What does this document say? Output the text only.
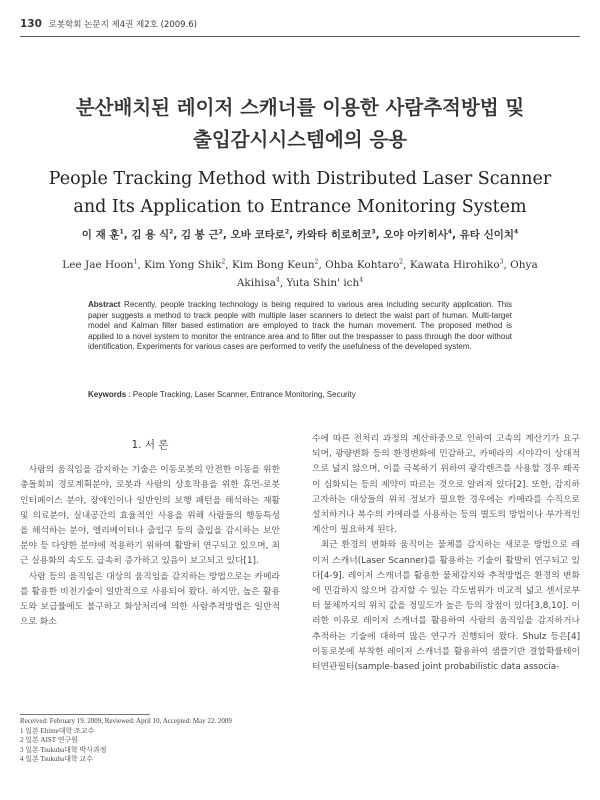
130 로봇학회 논문지 제4권 제2호 (2009.6)
분산배치된 레이저 스캐너를 이용한 사람추적방법 및
출입감시시스템에의 응용
People Tracking Method with Distributed Laser Scanner
and Its Application to Entrance Monitoring System
이 재 훈$^1$, 김 용 식$^2$, 김 봉 근$^2$, 오바 코타로$^2$, 카와타 히로히코$^3$, 오야 아키히사$^4$, 유타 신이치$^4$
Lee Jae Hoon$^1$, Kim Yong Shik$^2$, Kim Bong Keun$^2$, Ohba Kohtaro$^2$, Kawata Hirohiko$^3$, Ohya Akihisa$^4$, Yuta Shin' ich$^4$
Abstract Recently, people tracking technology is being required to various area including security application. This paper suggests a method to track people with multiple laser scanners to detect the waist part of human. Multi-target model and Kalman filter based estimation are employed to track the human movement. The proposed method is applied to a novel system to monitor the entrance area and to filter out the trespasser to pass through the door without identification. Experiments for various cases are performed to verify the usefulness of the developed system.
Keywords : People Tracking, Laser Scanner, Entrance Monitoring, Security
1. 서 론

사람의 움직임을 감지하는 기술은 이동로봇의 안전한 이동을 위한 충돌회피 경로계획분야, 로봇과 사람의 상호작용을 위한 휴먼-로봇 인터페이스 분야, 장애인이나 일반인의 보행 패턴을 해석하는 재활 및 의료분야, 실내공간의 효율적인 사용을 위해 사람들의 행동특성을 해석하는 분야, 엘리베이터나 출입구 등의 출입을 감시하는 보안분야 등 다양한 분야에 적용하기 위하여 활발히 연구되고 있으며, 최근 실용화의 속도도 급속히 증가하고 있음이 보고되고 있다[1].

사람 등의 움직임은 대상의 움직임을 감지하는 방법으로는 카메라를 활용한 비전기술이 일반적으로 사용되어 왔다. 하지만, 높은 활용도와 보급률에도 불구하고 화상처리에 의한 사람추적방법은 일반적으로 화소

수에 따른 전처리 과정의 계산하중으로 인하여 고속의 계산기가 요구되며, 광량변화 등의 환경변화에 민감하고, 카메라의 시야각이 상대적으로 넓지 않으며, 이를 극복하기 위하여 광각렌즈를 사용할 경우 왜곡이 심화되는 등의 제약이 따르는 것으로 알려져 있다[2]. 또한, 감지하고자하는 대상들의 위치 정보가 필요한 경우에는 카메라를 수직으로 설치하거나 복수의 카메라를 사용하는 등의 별도의 방법이나 부가적인 계산이 필요하게 된다.

최근 환경의 변화와 움직이는 물체를 감지하는 새로운 방법으로 레이저 스캐너(Laser Scanner)를 활용하는 기술이 활발히 연구되고 있다[4-9]. 레이저 스캐너를 활용한 물체감지와 추적방법은 환경의 변화에 민감하지 않으며 감지할 수 있는 각도범위가 비교적 넓고 센서로부터 물체까지의 위치 값을 정밀도가 높은 등의 장점이 있다[3,8,10]. 이러한 이유로 레이저 스캐너를 활용하여 사람의 움직임을 감지하거나 추적하는 기술에 대하여 많은 연구가 진행되어 왔다. Shulz 등은[4] 이동로봇에 부착한 레이저 스캐너를 활용하여 샘플기반 결합확률테이터연관필터(sample-based joint probabilistic data associa-

Received: February 19. 2009, Reviewed: April 10, Accepted: May 22. 2009
1 일본 Ehime대학 조교수
2 일본 AIST 연구원
3 일본 Tsukuba대학 박사과정
4 일본 Tsukuba대학 교수
